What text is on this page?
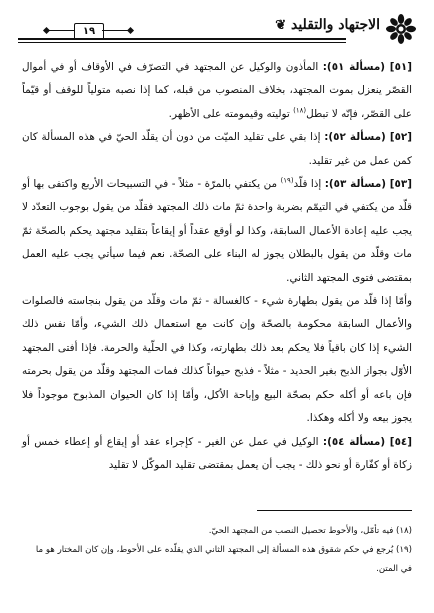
١٩	الاجتهاد والتقليد ❦

[٥١] (مسألة ٥١): المأذون والوكيل عن المجتهد في التصرّف في الأوقاف أو في أموال القصّر ينعزل بموت المجتهد، بخلاف المنصوب من قبله، كما إذا نصبه متولياً للوقف أو قيّماً على القصّر، فإنّه لا تبطل$^{(١٨)}$ توليته وقيمومته على الأظهر.

[٥٢] (مسألة ٥٢): إذا بقي على تقليد الميّت من دون أن يقلّد الحيّ في هذه المسألة كان كمن عمل من غير تقليد.

[٥٣] (مسألة ٥٣): إذا قلّد$^{(١٩)}$ من يكتفي بالمرّة - مثلاً - في التسبيحات الأربع واكتفى بها أو قلّد من يكتفي في التيمّم بضربة واحدة ثمّ مات ذلك المجتهد فقلّد من يقول بوجوب التعدّد لا يجب عليه إعادة الأعمال السابقة، وكذا لو أوقع عقداً أو إيقاعاً بتقليد مجتهد يحكم بالصحّة ثمّ مات وقلّد من يقول بالبطلان يجوز له البناء على الصحّة. نعم فيما سيأتي يجب عليه العمل بمقتضى فتوى المجتهد الثاني.

وأمّا إذا قلّد من يقول بطهارة شيء - كالغسالة - ثمّ مات وقلّد من يقول بنجاسته فالصلوات والأعمال السابقة محكومة بالصحّة وإن كانت مع استعمال ذلك الشيء، وأمّا نفس ذلك الشيء إذا كان باقياً فلا يحكم بعد ذلك بطهارته، وكذا في الحلّية والحرمة. فإذا أفتى المجتهد الأوّل بجواز الذبح بغير الحديد - مثلاً - فذبح حيواناً كذلك فمات المجتهد وقلّد من يقول بحرمته فإن باعه أو أكله حكم بصحّة البيع وإباحة الأكل، وأمّا إذا كان الحيوان المذبوح موجوداً فلا يجوز بيعه ولا أكله وهكذا.

[٥٤] (مسألة ٥٤): الوكيل في عمل عن الغير - كإجراء عقد أو إيقاع أو إعطاء خمس أو زكاة أو كفّارة أو نحو ذلك - يجب أن يعمل بمقتضى تقليد الموكّل لا تقليد

(١٨) فيه تأمّل، والأحوط تحصيل النصب من المجتهد الحيّ.

(١٩) يُرجع في حكم شقوق هذه المسألة إلى المجتهد الثاني الذي يقلّده على الأحوط، وإن كان المختار هو ما في المتن.
